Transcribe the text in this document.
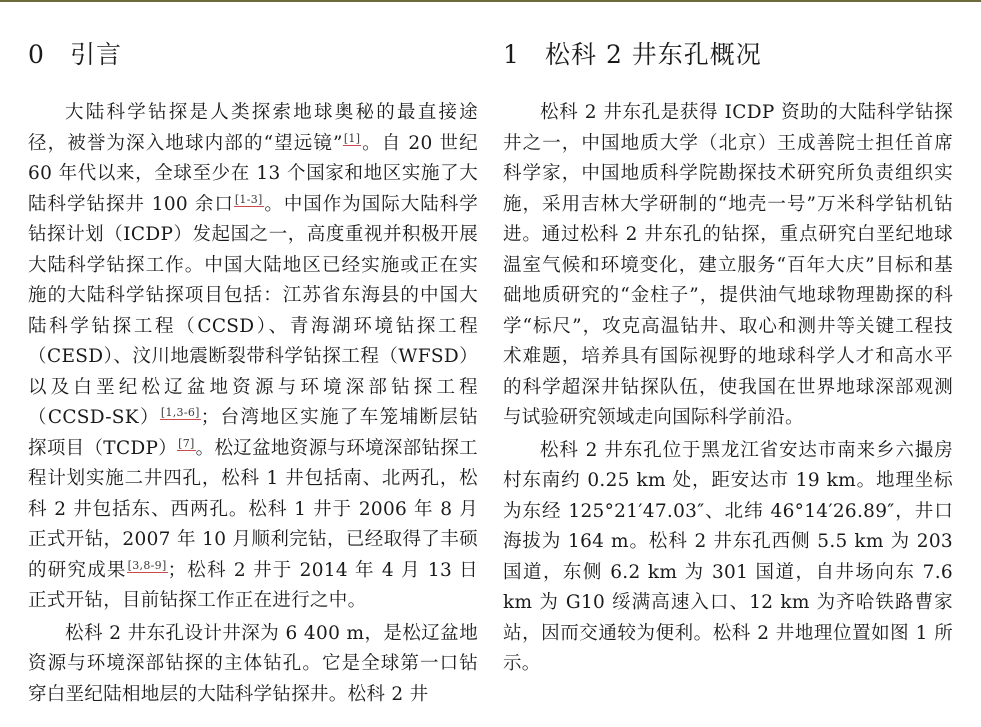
0 引言

大陆科学钻探是人类探索地球奥秘的最直接途径，被誉为深入地球内部的“望远镜”[1]。自 20 世纪 60 年代以来，全球至少在 13 个国家和地区实施了大陆科学钻探井 100 余口[1-3]。中国作为国际大陆科学钻探计划（ICDP）发起国之一，高度重视并积极开展大陆科学钻探工作。中国大陆地区已经实施或正在实施的大陆科学钻探项目包括：江苏省东海县的中国大陆科学钻探工程（CCSD）、青海湖环境钻探工程（CESD）、汶川地震断裂带科学钻探工程（WFSD）以及白垩纪松辽盆地资源与环境深部钻探工程（CCSD-SK）[1,3-6]；台湾地区实施了车笼埔断层钻探项目（TCDP）[7]。松辽盆地资源与环境深部钻探工程计划实施二井四孔，松科 1 井包括南、北两孔，松科 2 井包括东、西两孔。松科 1 井于 2006 年 8 月正式开钻，2007 年 10 月顺利完钻，已经取得了丰硕的研究成果[3,8-9]；松科 2 井于 2014 年 4 月 13 日正式开钻，目前钻探工作正在进行之中。

松科 2 井东孔设计井深为 6 400 m，是松辽盆地资源与环境深部钻探的主体钻孔。它是全球第一口钻穿白垩纪陆相地层的大陆科学钻探井。松科 2 井

1 松科 2 井东孔概况

松科 2 井东孔是获得 ICDP 资助的大陆科学钻探井之一，中国地质大学（北京）王成善院士担任首席科学家，中国地质科学院勘探技术研究所负责组织实施，采用吉林大学研制的“地壳一号”万米科学钻机钻进。通过松科 2 井东孔的钻探，重点研究白垩纪地球温室气候和环境变化，建立服务“百年大庆”目标和基础地质研究的“金柱子”，提供油气地球物理勘探的科学“标尺”，攻克高温钻井、取心和测井等关键工程技术难题，培养具有国际视野的地球科学人才和高水平的科学超深井钻探队伍，使我国在世界地球深部观测与试验研究领域走向国际科学前沿。

松科 2 井东孔位于黑龙江省安达市南来乡六撮房村东南约 0.25 km 处，距安达市 19 km。地理坐标为东经 125°21′47.03″、北纬 46°14′26.89″，井口海拔为 164 m。松科 2 井东孔西侧 5.5 km 为 203 国道，东侧 6.2 km 为 301 国道，自井场向东 7.6 km 为 G10 绥满高速入口、12 km 为齐哈铁路曹家站，因而交通较为便利。松科 2 井地理位置如图 1 所示。
